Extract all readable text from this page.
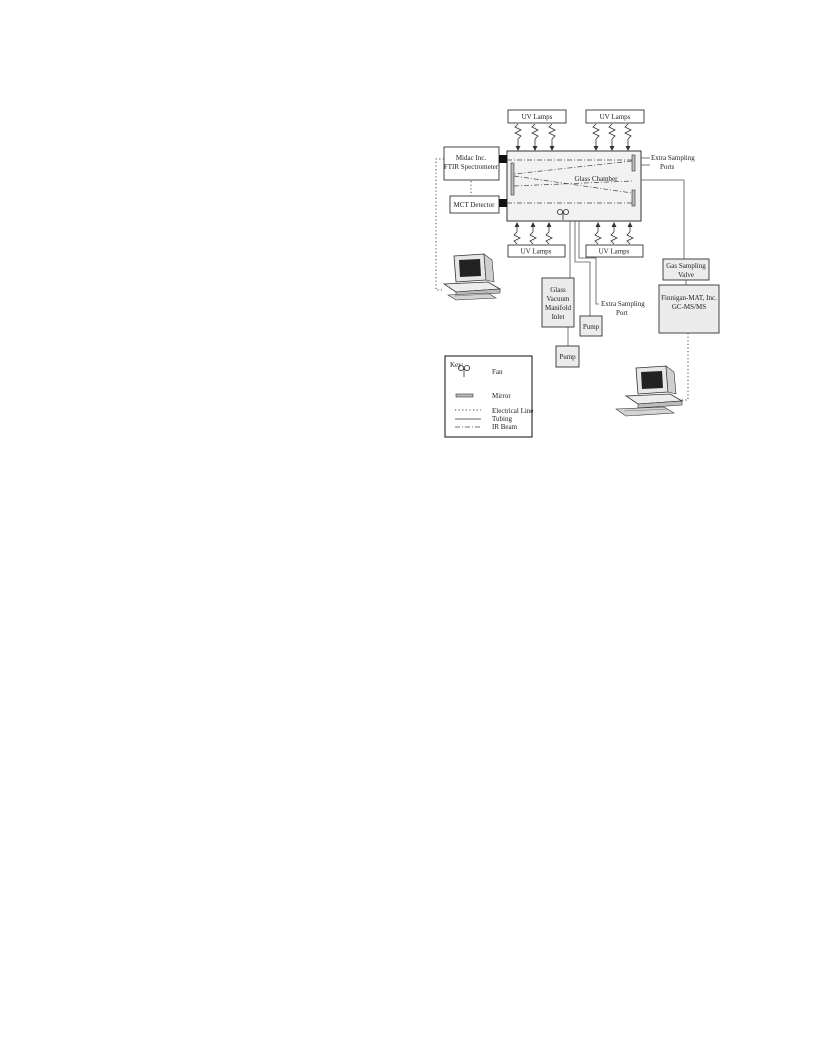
UV Lamps	UV Lamps
Glass Chamber
Midac Inc.
FTIR Spectrometer
MCT Detector
Extra Sampling
Ports
UV Lamps	UV Lamps
Glass
Vacuum
Manifold
Inlet
Extra Sampling
Port
Pump
Pump
Gas Sampling
Valve
Finnigan-MAT, Inc.
GC-MS/MS
Key:
Fan
Mirror
Electrical Line
Tubing
IR Beam
